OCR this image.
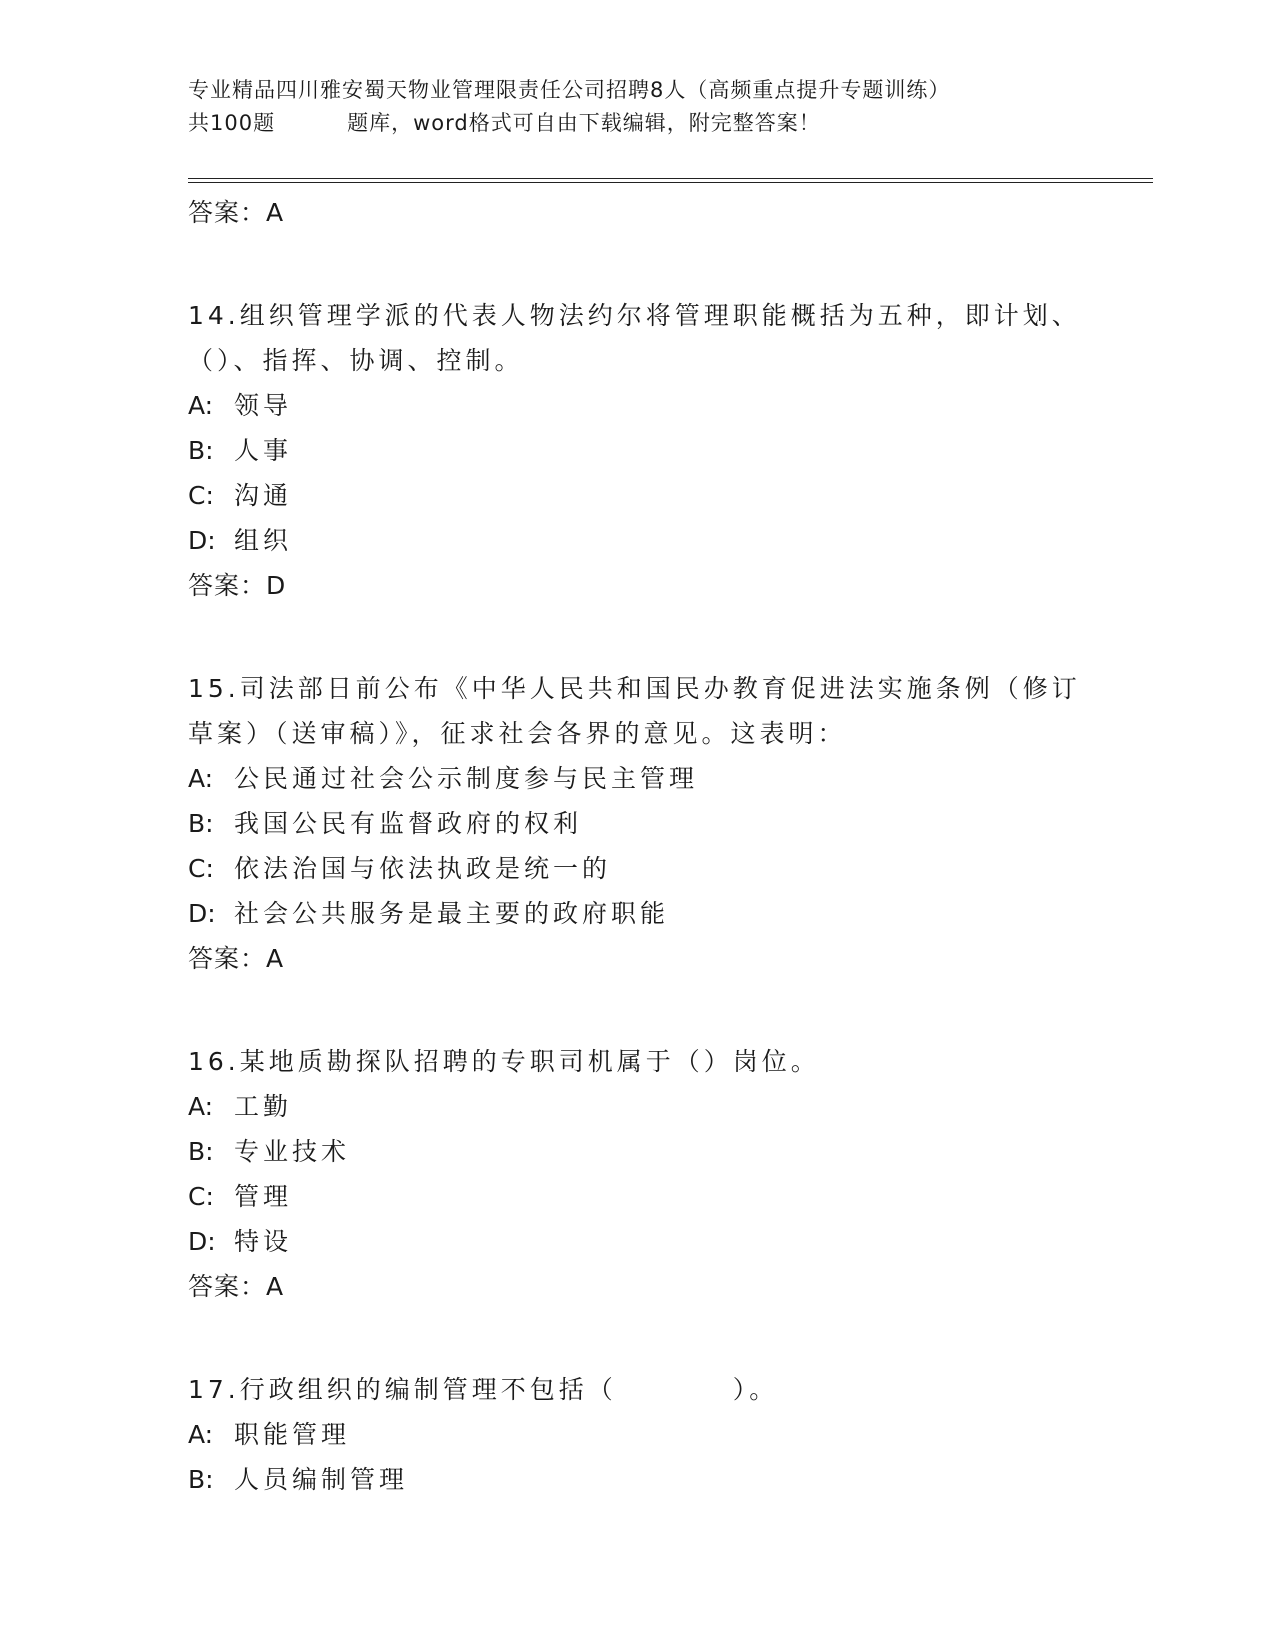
专业精品四川雅安蜀天物业管理限责任公司招聘8人（高频重点提升专题训练）
共100题	题库，word格式可自由下载编辑，附完整答案！
答案：A
14.组织管理学派的代表人物法约尔将管理职能概括为五种，即计划、（）、指挥、协调、控制。
A: 领导
B: 人事
C: 沟通
D: 组织
答案：D
15.司法部日前公布《中华人民共和国民办教育促进法实施条例（修订草案）（送审稿）》，征求社会各界的意见。这表明：
A: 公民通过社会公示制度参与民主管理
B: 我国公民有监督政府的权利
C: 依法治国与依法执政是统一的
D: 社会公共服务是最主要的政府职能
答案：A
16.某地质勘探队招聘的专职司机属于（）岗位。
A: 工勤
B: 专业技术
C: 管理
D: 特设
答案：A
17.行政组织的编制管理不包括（　　　　）。
A: 职能管理
B: 人员编制管理
